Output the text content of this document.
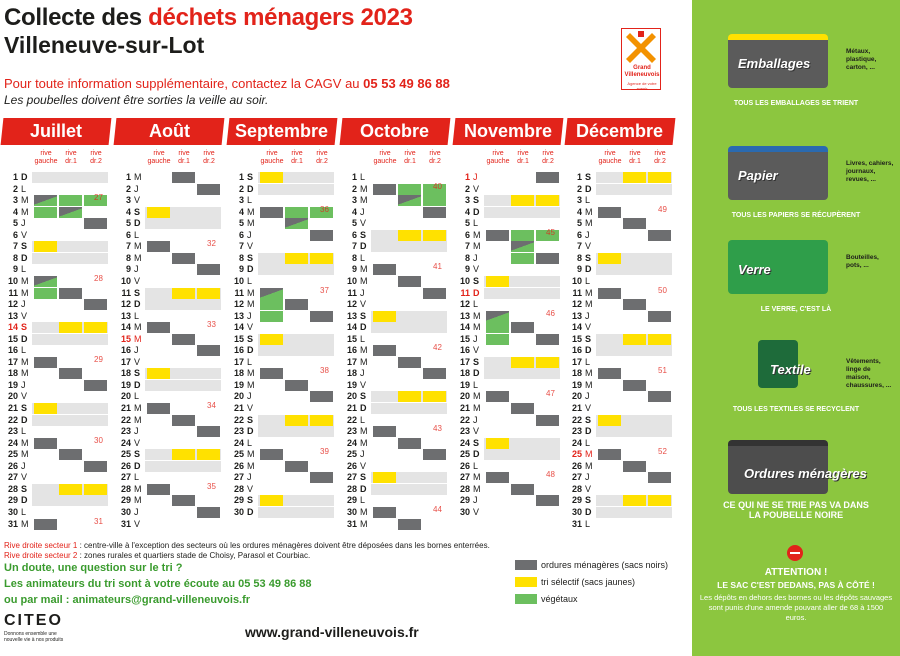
Collecte des déchets ménagers 2023
Villeneuve-sur-Lot
Pour toute information supplémentaire, contactez la CAGV au 05 53 49 86 88
Les poubelles doivent être sorties la veille au soir.
Grand
Villeneuvois
Agence de votre avenir
Juillet
rive gauche
rive dr.1
rive dr.2
1 D
2 L
3 M
4 M
5 J
6 V
7 S
8 D
9 L
10 M
11 M
12 J
13 V
14 S
15 D
16 L
17 M
18 M
19 J
20 V
21 S
22 D
23 L
24 M
25 M
26 J
27 V
28 S
29 D
30 L
31 M
27
28
29
30
31
Août
rive gauche
rive dr.1
rive dr.2
1 M
2 J
3 V
4 S
5 D
6 L
7 M
8 M
9 J
10 V
11 S
12 D
13 L
14 M
15 M
16 J
17 V
18 S
19 D
20 L
21 M
22 M
23 J
24 V
25 S
26 D
27 L
28 M
29 M
30 J
31 V
32
33
34
35
Septembre
rive gauche
rive dr.1
rive dr.2
1 S
2 D
3 L
4 M
5 M
6 J
7 V
8 S
9 D
10 L
11 M
12 M
13 J
14 V
15 S
16 D
17 L
18 M
19 M
20 J
21 V
22 S
23 D
24 L
25 M
26 M
27 J
28 V
29 S
30 D
36
37
38
39
Octobre
rive gauche
rive dr.1
rive dr.2
1 L
2 M
3 M
4 J
5 V
6 S
7 D
8 L
9 M
10 M
11 J
12 V
13 S
14 D
15 L
16 M
17 M
18 J
19 V
20 S
21 D
22 L
23 M
24 M
25 J
26 V
27 S
28 D
29 L
30 M
31 M
40
41
42
43
44
Novembre
rive gauche
rive dr.1
rive dr.2
1 J
2 V
3 S
4 D
5 L
6 M
7 M
8 J
9 V
10 S
11 D
12 L
13 M
14 M
15 J
16 V
17 S
18 D
19 L
20 M
21 M
22 J
23 V
24 S
25 D
26 L
27 M
28 M
29 J
30 V
45
46
47
48
Décembre
rive gauche
rive dr.1
rive dr.2
1 S
2 D
3 L
4 M
5 M
6 J
7 V
8 S
9 D
10 L
11 M
12 M
13 J
14 V
15 S
16 D
17 L
18 M
19 M
20 J
21 V
22 S
23 D
24 L
25 M
26 M
27 J
28 V
29 S
30 D
31 L
49
50
51
52
Emballages
Métaux, plastique, carton, ...
TOUS LES EMBALLAGES SE TRIENT
Papier
Livres, cahiers, journaux, revues, ...
TOUS LES PAPIERS SE RÉCUPÈRENT
Verre
Bouteilles, pots, ...
LE VERRE, C'EST LÀ
Textile
Vêtements, linge de maison, chaussures, ...
TOUS LES TEXTILES SE RECYCLENT
Ordures ménagères
CE QUI NE SE TRIE PAS VA DANS LA POUBELLE NOIRE
ATTENTION !
LE SAC C'EST DEDANS, PAS À CÔTÉ !
Les dépôts en dehors des bornes ou les dépôts sauvages sont punis d'une amende pouvant aller de 68 à 1500 euros.
Rive droite secteur 1 : centre-ville à l'exception des secteurs où les ordures ménagères doivent être déposées dans les bornes enterrées.
Rive droite secteur 2 : zones rurales et quartiers stade de Choisy, Parasol et Courbiac.
Un doute, une question sur le tri ?
Les animateurs du tri sont à votre écoute au 05 53 49 86 88
ou par mail : animateurs@grand-villeneuvois.fr
ordures ménagères (sacs noirs)
tri sélectif (sacs jaunes)
végétaux
CITEO
Donnons ensemble une nouvelle vie à nos produits	www.grand-villeneuvois.fr
